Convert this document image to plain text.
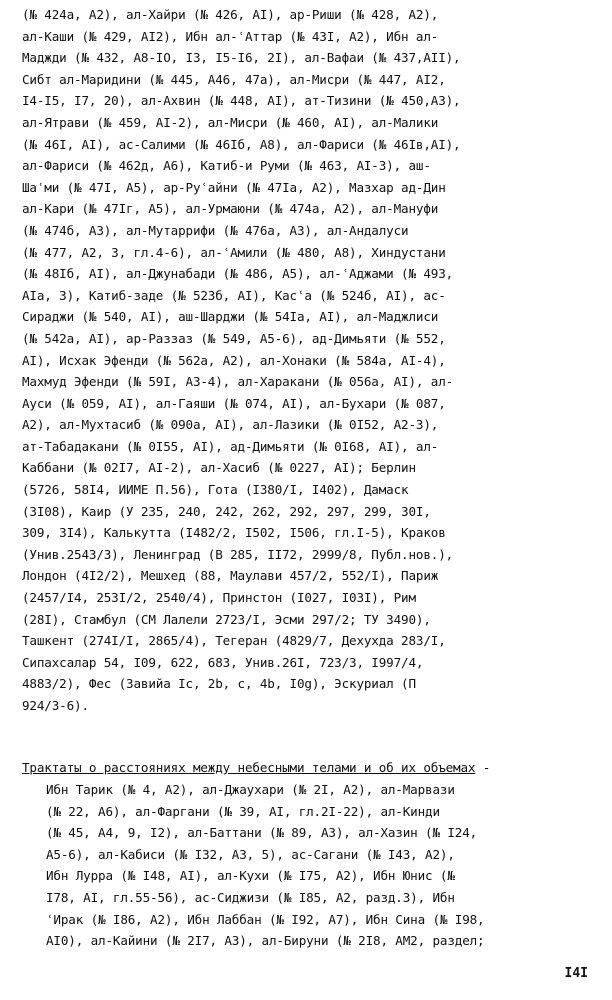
(№ 424а, А2), ал-Хайри (№ 426, АI), ар-Риши (№ 428, А2),
ал-Каши (№ 429, АI2), Ибн ал-ʿАттар (№ 43I, А2), Ибн ал-
Маджди (№ 432, А8-IO, I3, I5-I6, 2I), ал-Вафаи (№ 437,АII),
Сибт ал-Маридини (№ 445, А46, 47а), ал-Мисри (№ 447, АI2,
I4-I5, I7, 20), ал-Ахвин (№ 448, АI), ат-Тизини (№ 450,А3),
ал-Ятрави (№ 459, АI-2), ал-Мисри (№ 460, АI), ал-Малики
(№ 46I, АI), ас-Салими (№ 46Iб, А8), ал-Фариси (№ 46Iв,АI),
ал-Фариси (№ 462д, А6), Катиб-и Руми (№ 463, АI-3), аш-
Шаʿми (№ 47I, А5), ар-Руʿайни (№ 47Iа, А2), Мазхар ад-Дин
ал-Кари (№ 47Iг, А5), ал-Урмаюни (№ 474а, А2), ал-Мануфи
(№ 474б, А3), ал-Мутаррифи (№ 476а, А3), ал-Андалуси
(№ 477, А2, 3, гл.4-6), ал-ʿАмили (№ 480, А8), Хиндустани
(№ 48Iб, АI), ал-Джунабади (№ 486, А5), ал-ʿАджами (№ 493,
АIа, 3), Катиб-заде (№ 523б, АI), Касʿа (№ 524б, АI), ас-
Сираджи (№ 540, АI), аш-Шарджи (№ 54Iа, АI), ал-Маджлиси
(№ 542а, АI), ар-Раззаз (№ 549, А5-6), ад-Димьяти (№ 552,
АI), Исхак Эфенди (№ 562а, А2), ал-Хонаки (№ 584а, АI-4),
Махмуд Эфенди (№ 59I, А3-4), ал-Харакани (№ 056а, АI), ал-
Ауси (№ 059, АI), ал-Гаяши (№ 074, АI), ал-Бухари (№ 087,
А2), ал-Мухтасиб (№ 090а, АI), ал-Лазики (№ 0I52, А2-3),
ат-Табадакани (№ 0I55, АI), ад-Димьяти (№ 0I68, АI), ал-
Каббани (№ 02I7, АI-2), ал-Хасиб (№ 0227, АI); Берлин
(5726, 58I4, ИИМЕ П.56), Гота (I380/I, I402), Дамаск
(3I08), Каир (У 235, 240, 242, 262, 292, 297, 299, 30I,
309, 3I4), Калькутта (I482/2, I502, I506, гл.I-5), Краков
(Унив.2543/3), Ленинград (В 285, II72, 2999/8, Публ.нов.),
Лондон (4I2/2), Мешхед (88, Маулави 457/2, 552/I), Париж
(2457/I4, 253I/2, 2540/4), Принстон (I027, I03I), Рим
(28I), Стамбул (СМ Лалели 2723/I, Эсми 297/2; ТУ 3490),
Ташкент (274I/I, 2865/4), Тегеран (4829/7, Дехухда 283/I,
Сипахсалар 54, I09, 622, 683, Унив.26I, 723/3, I997/4,
4883/2), Фес (Завийа Iс, 2b, с, 4b, I0g), Эскуриал (П
924/3-6).
Трактаты о расстояниях между небесными телами и об их объемах -
Ибн Тарик (№ 4, А2), ал-Джаухари (№ 2I, А2), ал-Марвази
(№ 22, А6), ал-Фаргани (№ 39, АI, гл.2I-22), ал-Кинди
(№ 45, А4, 9, I2), ал-Баттани (№ 89, А3), ал-Хазин (№ I24,
А5-6), ал-Кабиси (№ I32, А3, 5), ас-Сагани (№ I43, А2),
Ибн Лурра (№ I48, АI), ал-Кухи (№ I75, А2), Ибн Юнис (№
I78, АI, гл.55-56), ас-Сиджизи (№ I85, А2, разд.3), Ибн
ʿИрак (№ I86, А2), Ибн Лаббан (№ I92, А7), Ибн Сина (№ I98,
АI0), ал-Кайини (№ 2I7, А3), ал-Бируни (№ 2I8, АМ2, раздел;
I4I
